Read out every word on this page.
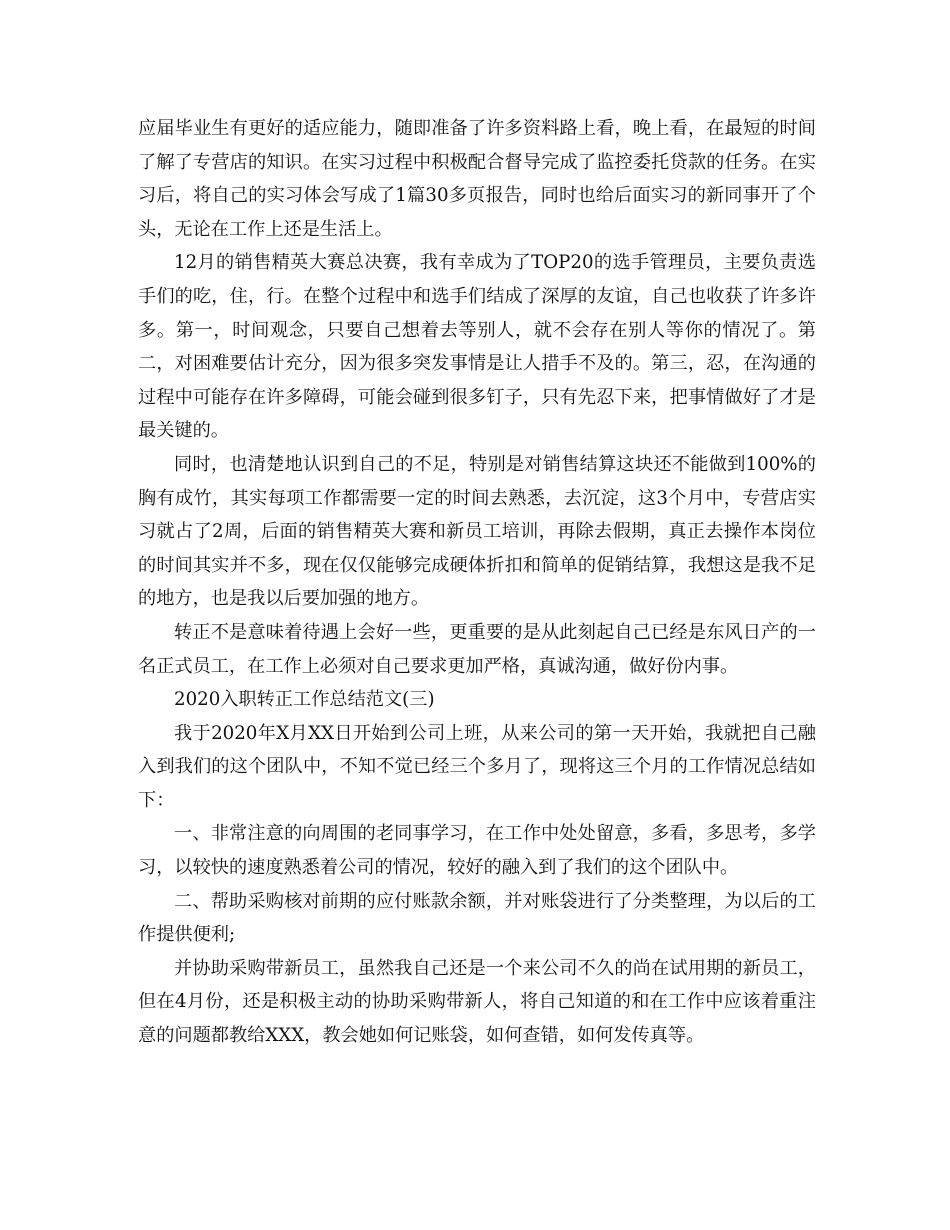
应届毕业生有更好的适应能力，随即准备了许多资料路上看，晚上看，在最短的时间了解了专营店的知识。在实习过程中积极配合督导完成了监控委托贷款的任务。在实习后，将自己的实习体会写成了1篇30多页报告，同时也给后面实习的新同事开了个头，无论在工作上还是生活上。

12月的销售精英大赛总决赛，我有幸成为了TOP20的选手管理员，主要负责选手们的吃，住，行。在整个过程中和选手们结成了深厚的友谊，自己也收获了许多许多。第一，时间观念，只要自己想着去等别人，就不会存在别人等你的情况了。第二，对困难要估计充分，因为很多突发事情是让人措手不及的。第三，忍，在沟通的过程中可能存在许多障碍，可能会碰到很多钉子，只有先忍下来，把事情做好了才是最关键的。

同时，也清楚地认识到自己的不足，特别是对销售结算这块还不能做到100%的胸有成竹，其实每项工作都需要一定的时间去熟悉，去沉淀，这3个月中，专营店实习就占了2周，后面的销售精英大赛和新员工培训，再除去假期，真正去操作本岗位的时间其实并不多，现在仅仅能够完成硬体折扣和简单的促销结算，我想这是我不足的地方，也是我以后要加强的地方。

转正不是意味着待遇上会好一些，更重要的是从此刻起自己已经是东风日产的一名正式员工，在工作上必须对自己要求更加严格，真诚沟通，做好份内事。

2020入职转正工作总结范文(三)

我于2020年X月XX日开始到公司上班，从来公司的第一天开始，我就把自己融入到我们的这个团队中，不知不觉已经三个多月了，现将这三个月的工作情况总结如下：

一、非常注意的向周围的老同事学习，在工作中处处留意，多看，多思考，多学习，以较快的速度熟悉着公司的情况，较好的融入到了我们的这个团队中。

二、帮助采购核对前期的应付账款余额，并对账袋进行了分类整理，为以后的工作提供便利;

并协助采购带新员工，虽然我自己还是一个来公司不久的尚在试用期的新员工，但在4月份，还是积极主动的协助采购带新人，将自己知道的和在工作中应该着重注意的问题都教给XXX，教会她如何记账袋，如何查错，如何发传真等。
